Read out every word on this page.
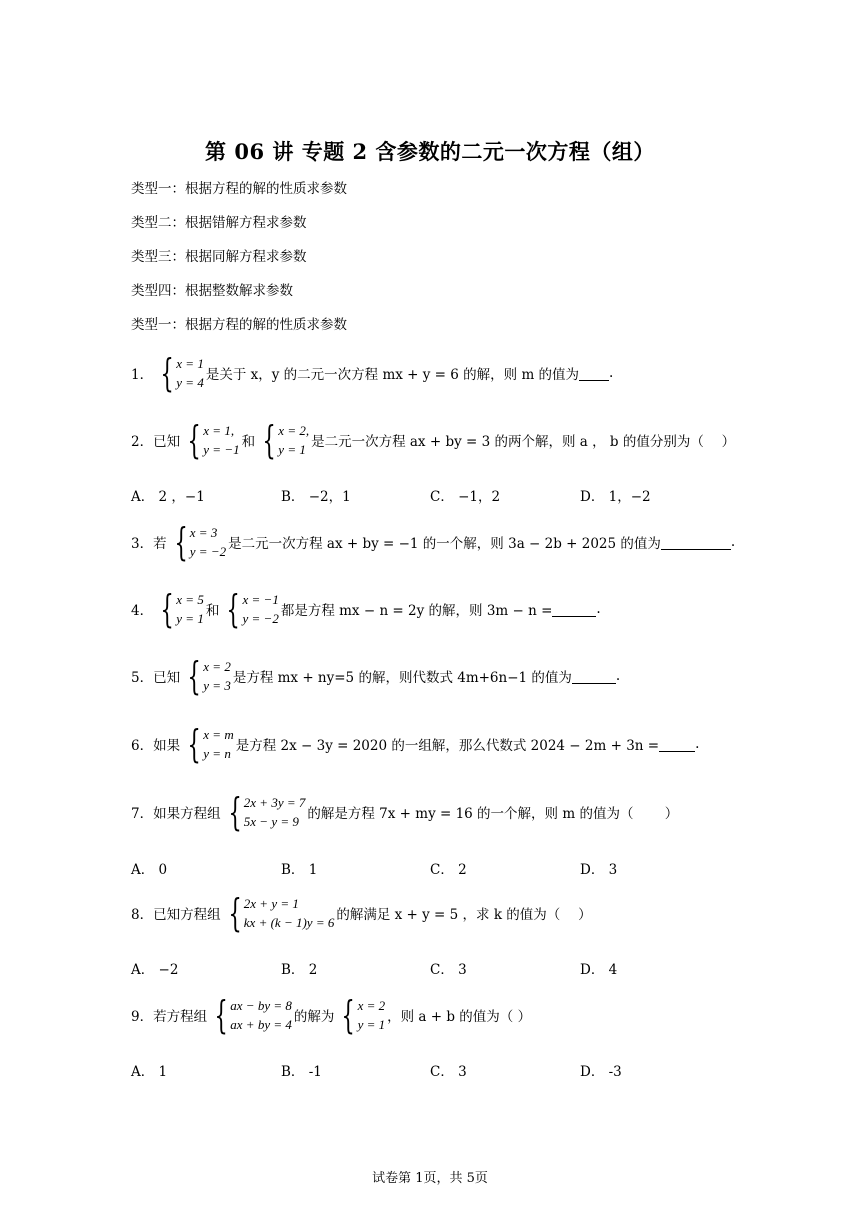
第 06 讲 专题 2 含参数的二元一次方程（组）
类型一：根据方程的解的性质求参数
类型二：根据错解方程求参数
类型三：根据同解方程求参数
类型四：根据整数解求参数
类型一：根据方程的解的性质求参数
1． { x = 1
y = 4 是关于 x，y 的二元一次方程 mx + y = 6 的解，则 m 的值为 .
2．已知 { x = 1,
y = −1 和 { x = 2,
y = 1 是二元一次方程 ax + by = 3 的两个解，则 a ， b 的值分别为（　 ）
A． 2 ，−1	B． −2，1	C． −1，2	D． 1，−2
3．若 { x = 3
y = −2 是二元一次方程 ax + by = −1 的一个解，则 3a − 2b + 2025 的值为	.
4． { x = 5
y = 1 和 { x = −1
y = −2 都是方程 mx − n = 2y 的解，则 3m − n =	.
5．已知 { x = 2
y = 3 是方程 mx + ny=5 的解，则代数式 4m+6n−1 的值为	.
6．如果 { x = m
y = n 是方程 2x − 3y = 2020 的一组解，那么代数式 2024 − 2m + 3n =	.
7．如果方程组 { 2x + 3y = 7
5x − y = 9 的解是方程 7x + my = 16 的一个解，则 m 的值为（　　 ）
A． 0	B． 1	C． 2	D． 3
8．已知方程组 { 2x + y = 1
kx + (k − 1)y = 6 的解满足 x + y = 5 ，求 k 的值为（　 ）
A． −2	B． 2	C． 3	D． 4
9．若方程组 { ax − by = 8
ax + by = 4 的解为 { x = 2
y = 1 ，则 a + b 的值为（ ）
A． 1	B． -1	C． 3	D． -3
试卷第 1页，共 5页
